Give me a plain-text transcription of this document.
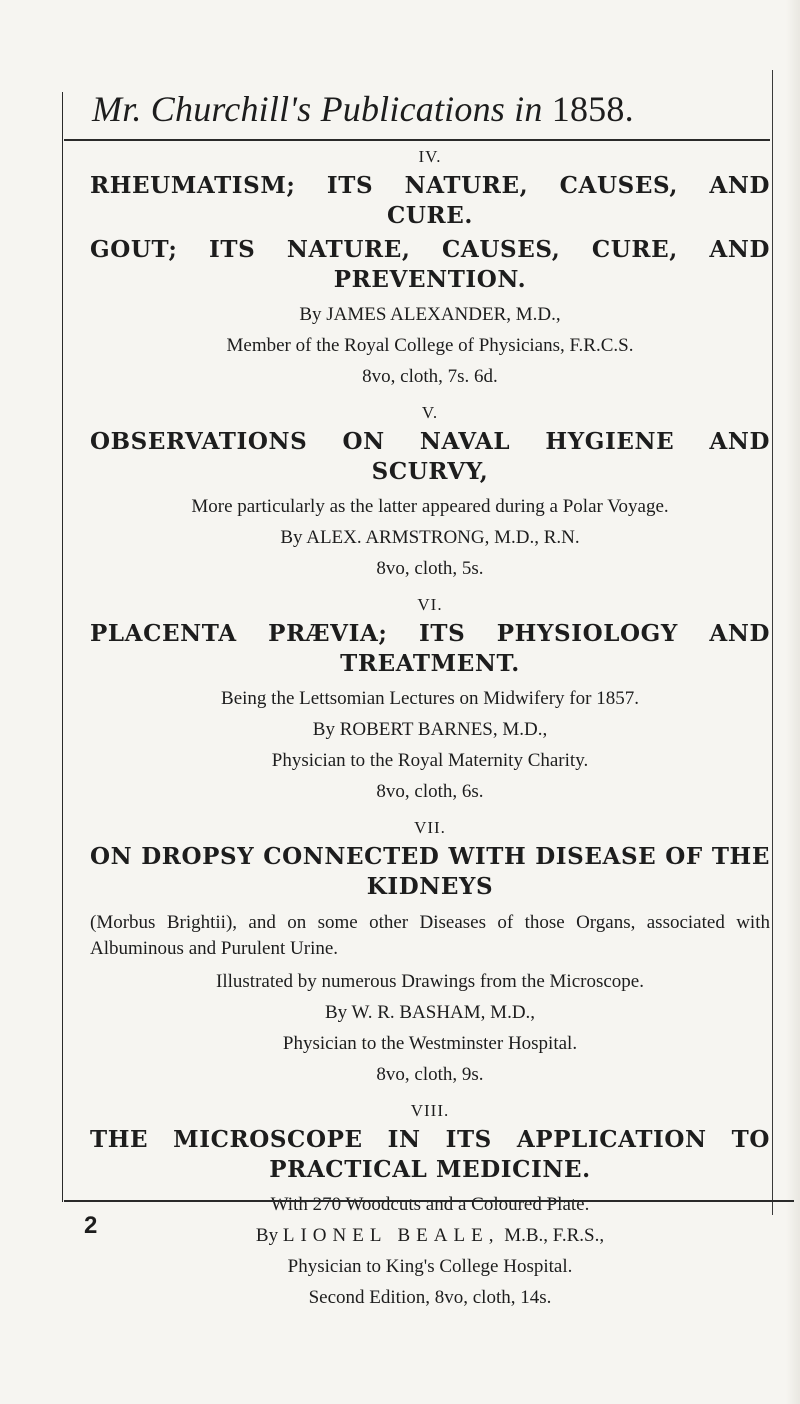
Mr. Churchill's Publications in 1858.
IV.
RHEUMATISM; ITS NATURE, CAUSES, AND CURE.
GOUT; ITS NATURE, CAUSES, CURE, AND PREVENTION.
By JAMES ALEXANDER, M.D.,
Member of the Royal College of Physicians, F.R.C.S.
8vo, cloth, 7s. 6d.
V.
OBSERVATIONS ON NAVAL HYGIENE AND SCURVY,
More particularly as the latter appeared during a Polar Voyage.
By ALEX. ARMSTRONG, M.D., R.N.
8vo, cloth, 5s.
VI.
PLACENTA PRÆVIA; ITS PHYSIOLOGY AND TREATMENT.
Being the Lettsomian Lectures on Midwifery for 1857.
By ROBERT BARNES, M.D.,
Physician to the Royal Maternity Charity.
8vo, cloth, 6s.
VII.
ON DROPSY CONNECTED WITH DISEASE OF THE KIDNEYS
(Morbus Brightii), and on some other Diseases of those Organs, associated with Albuminous and Purulent Urine.
Illustrated by numerous Drawings from the Microscope.
By W. R. BASHAM, M.D.,
Physician to the Westminster Hospital.
8vo, cloth, 9s.
VIII.
THE MICROSCOPE IN ITS APPLICATION TO PRACTICAL MEDICINE.
With 270 Woodcuts and a Coloured Plate.
By LIONEL BEALE, M.B., F.R.S.,
Physician to King's College Hospital.
Second Edition, 8vo, cloth, 14s.
2
